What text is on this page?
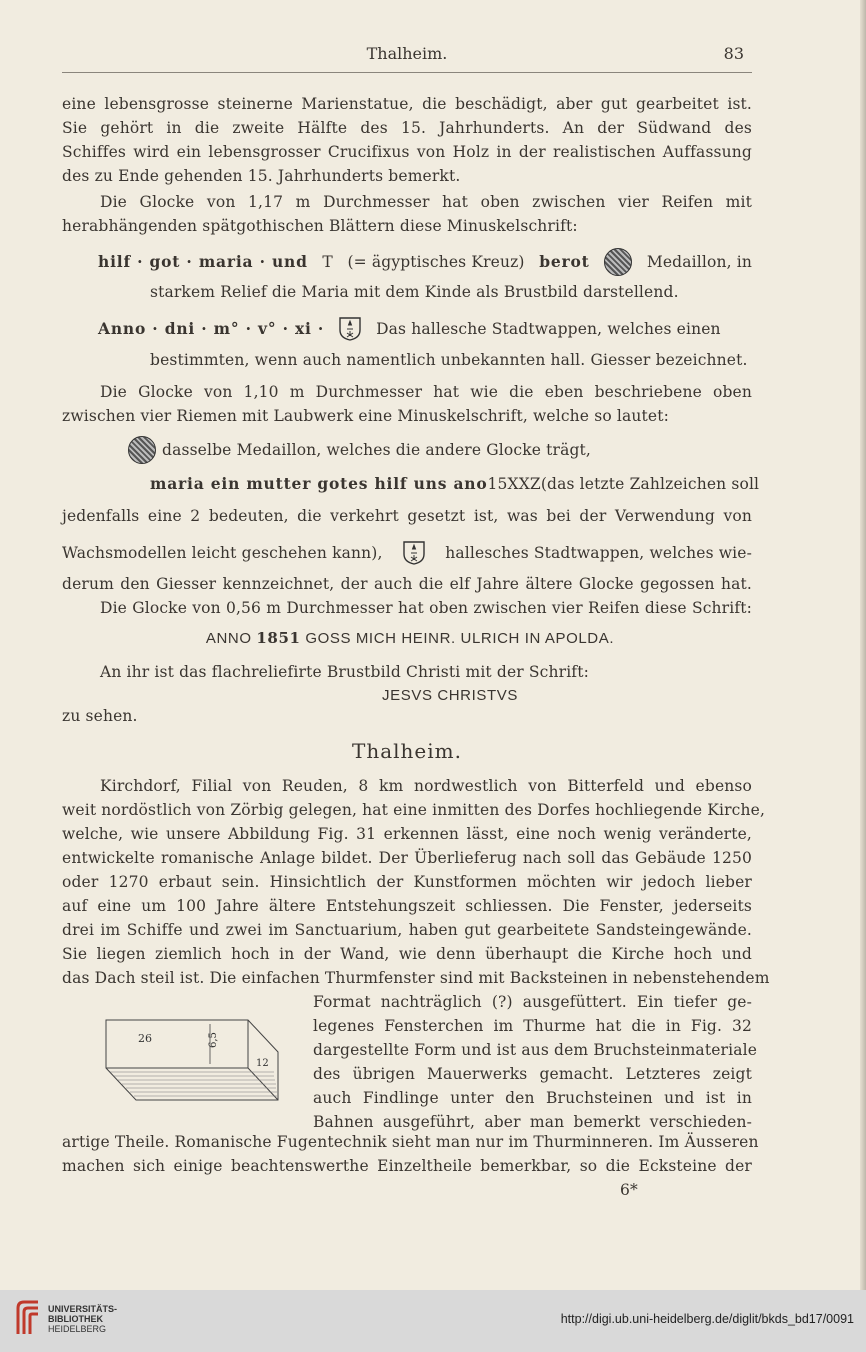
Thalheim.	83
eine lebensgrosse steinerne Marienstatue, die beschädigt, aber gut gearbeitet ist.
Sie gehört in die zweite Hälfte des 15. Jahrhunderts. An der Südwand des
Schiffes wird ein lebensgrosser Crucifixus von Holz in der realistischen Auffassung
des zu Ende gehenden 15. Jahrhunderts bemerkt.
Die Glocke von 1,17 m Durchmesser hat oben zwischen vier Reifen mit
herabhängenden spätgothischen Blättern diese Minuskelschrift:
hilf · got · maria · und T (= ägyptisches Kreuz) berot	Medaillon, in
starkem Relief die Maria mit dem Kinde als Brustbild darstellend.
Anno · dni · m° · v° · xi ·	Das hallesche Stadtwappen, welches einen
bestimmten, wenn auch namentlich unbekannten hall. Giesser bezeichnet.
Die Glocke von 1,10 m Durchmesser hat wie die eben beschriebene oben
zwischen vier Riemen mit Laubwerk eine Minuskelschrift, welche so lautet:
dasselbe Medaillon, welches die andere Glocke trägt,
maria ein mutter gotes hilf uns ano 15XXZ (das letzte Zahlzeichen soll
jedenfalls eine 2 bedeuten, die verkehrt gesetzt ist, was bei der Verwendung von
Wachsmodellen leicht geschehen kann),	hallesches Stadtwappen, welches wie-
derum den Giesser kennzeichnet, der auch die elf Jahre ältere Glocke gegossen hat.
Die Glocke von 0,56 m Durchmesser hat oben zwischen vier Reifen diese Schrift:
ANNO 1851 GOSS MICH HEINR. ULRICH IN APOLDA.
An ihr ist das flachreliefirte Brustbild Christi mit der Schrift:
JESVS CHRISTVS
zu sehen.
Thalheim.
Kirchdorf, Filial von Reuden, 8 km nordwestlich von Bitterfeld und ebenso
weit nordöstlich von Zörbig gelegen, hat eine inmitten des Dorfes hochliegende Kirche,
welche, wie unsere Abbildung Fig. 31 erkennen lässt, eine noch wenig veränderte,
entwickelte romanische Anlage bildet. Der Überlieferug nach soll das Gebäude 1250
oder 1270 erbaut sein. Hinsichtlich der Kunstformen möchten wir jedoch lieber
auf eine um 100 Jahre ältere Entstehungszeit schliessen. Die Fenster, jederseits
drei im Schiffe und zwei im Sanctuarium, haben gut gearbeitete Sandsteingewände.
Sie liegen ziemlich hoch in der Wand, wie denn überhaupt die Kirche hoch und
das Dach steil ist. Die einfachen Thurmfenster sind mit Backsteinen in nebenstehendem
Format nachträglich (?) ausgefüttert. Ein tiefer ge-
legenes Fensterchen im Thurme hat die in Fig. 32
dargestellte Form und ist aus dem Bruchsteinmateriale
des übrigen Mauerwerks gemacht. Letzteres zeigt
auch Findlinge unter den Bruchsteinen und ist in
Bahnen ausgeführt, aber man bemerkt verschieden-
26	6,5
12
artige Theile. Romanische Fugentechnik sieht man nur im Thurminneren. Im Äusseren
machen sich einige beachtenswerthe Einzeltheile bemerkbar, so die Ecksteine der
6*
UNIVERSITÄTS-
BIBLIOTHEK
HEIDELBERG
http://digi.ub.uni-heidelberg.de/diglit/bkds_bd17/0091
